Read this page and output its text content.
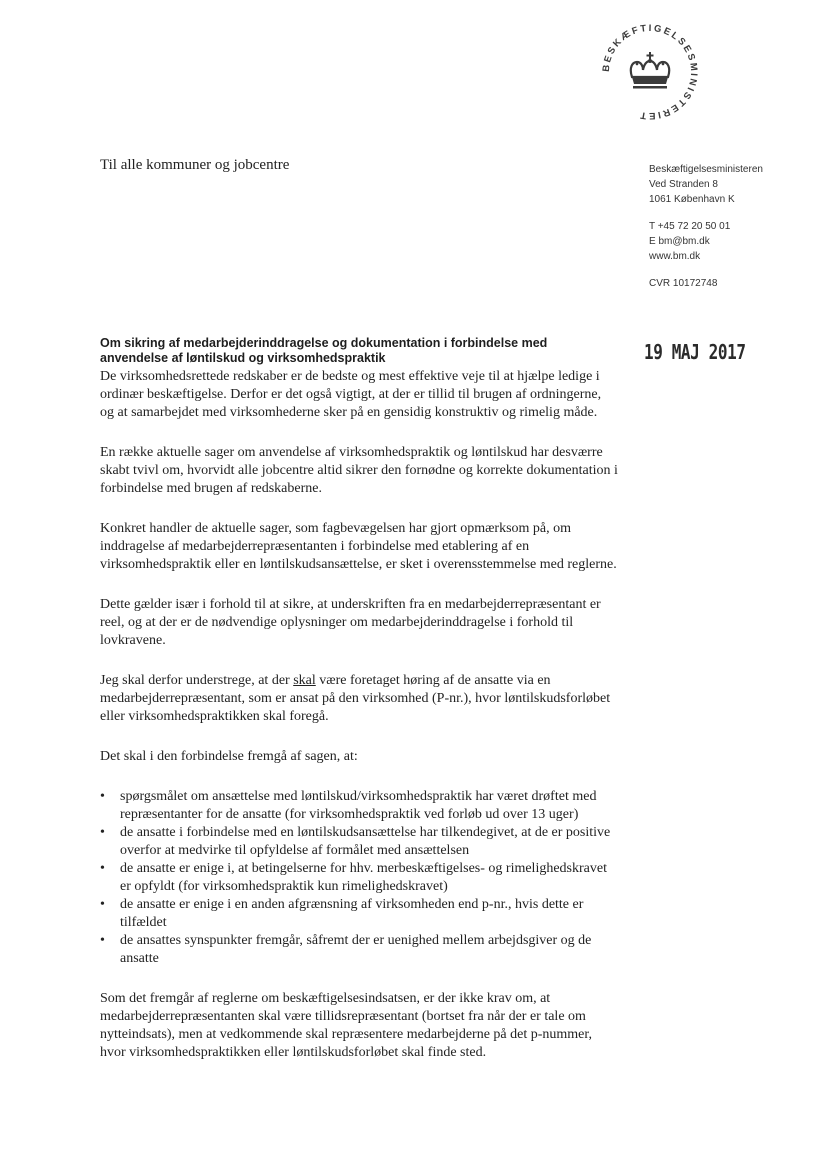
BESKÆFTIGELSESMINISTERIET
Til alle kommuner og jobcentre	Beskæftigelsesministeren
Ved Stranden 8
1061 København K
T +45 72 20 50 01
E bm@bm.dk
www.bm.dk
CVR 10172748
19 MAJ 2017

Om sikring af medarbejderinddragelse og dokumentation i forbindelse med anvendelse af løntilskud og virksomhedspraktik

De virksomhedsrettede redskaber er de bedste og mest effektive veje til at hjælpe ledige i ordinær beskæftigelse. Derfor er det også vigtigt, at der er tillid til brugen af ordningerne, og at samarbejdet med virksomhederne sker på en gensidig konstruktiv og rimelig måde.

En række aktuelle sager om anvendelse af virksomhedspraktik og løntilskud har desværre skabt tvivl om, hvorvidt alle jobcentre altid sikrer den fornødne og korrekte dokumentation i forbindelse med brugen af redskaberne.

Konkret handler de aktuelle sager, som fagbevægelsen har gjort opmærksom på, om inddragelse af medarbejderrepræsentanten i forbindelse med etablering af en virksomhedspraktik eller en løntilskudsansættelse, er sket i overensstemmelse med reglerne.

Dette gælder især i forhold til at sikre, at underskriften fra en medarbejderrepræsentant er reel, og at der er de nødvendige oplysninger om medarbejderinddragelse i forhold til lovkravene.

Jeg skal derfor understrege, at der skal være foretaget høring af de ansatte via en medarbejderrepræsentant, som er ansat på den virksomhed (P-nr.), hvor løntilskudsforløbet eller virksomhedspraktikken skal foregå.

Det skal i den forbindelse fremgå af sagen, at:

• spørgsmålet om ansættelse med løntilskud/virksomhedspraktik har været drøftet med repræsentanter for de ansatte (for virksomhedspraktik ved forløb ud over 13 uger)
• de ansatte i forbindelse med en løntilskudsansættelse har tilkendegivet, at de er positive overfor at medvirke til opfyldelse af formålet med ansættelsen
• de ansatte er enige i, at betingelserne for hhv. merbeskæftigelses- og rimelighedskravet er opfyldt (for virksomhedspraktik kun rimelighedskravet)
• de ansatte er enige i en anden afgrænsning af virksomheden end p-nr., hvis dette er tilfældet
• de ansattes synspunkter fremgår, såfremt der er uenighed mellem arbejdsgiver og de ansatte

Som det fremgår af reglerne om beskæftigelsesindsatsen, er der ikke krav om, at medarbejderrepræsentanten skal være tillidsrepræsentant (bortset fra når der er tale om nytteindsats), men at vedkommende skal repræsentere medarbejderne på det p-nummer, hvor virksomhedspraktikken eller løntilskudsforløbet skal finde sted.
